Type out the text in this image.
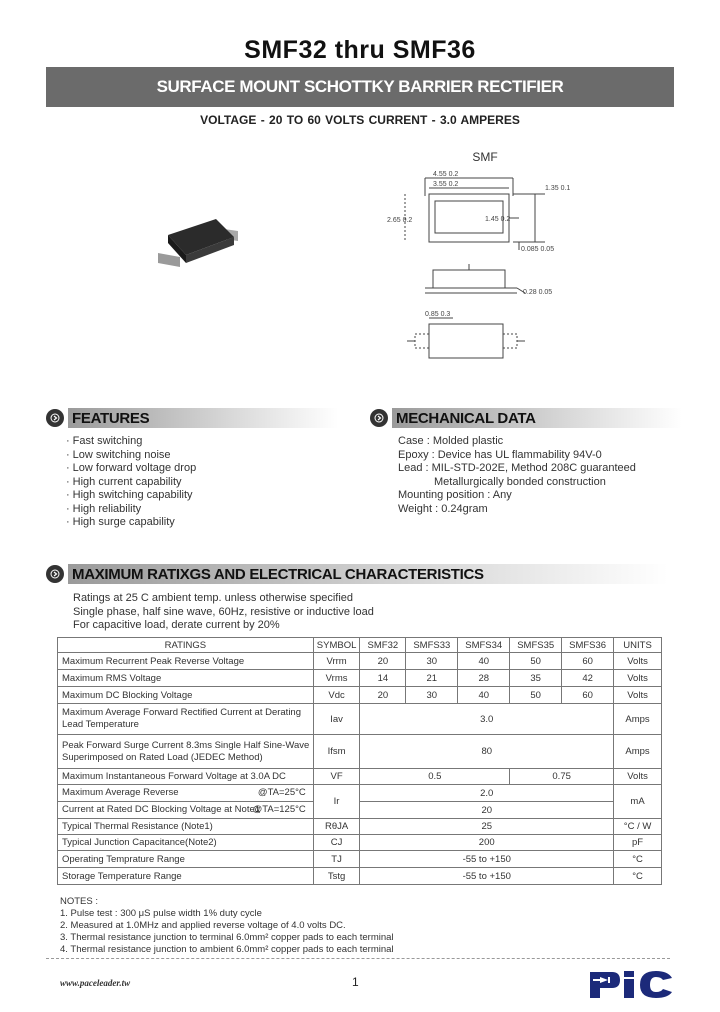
SMF32 thru SMF36
SURFACE MOUNT SCHOTTKY BARRIER RECTIFIER
VOLTAGE - 20 TO 60 VOLTS CURRENT - 3.0 AMPERES
SMF
4.55 0.2
3.55 0.2
1.35 0.1
2.65 0.2	1.45 0.2
0.085 0.05
0.28 0.05
0.85 0.3
FEATURES
· Fast switching
· Low switching noise
· Low forward voltage drop
· High current capability
· High switching capability
· High reliability
· High surge capability
MECHANICAL DATA
Case : Molded plastic
Epoxy : Device has UL flammability 94V-0
Lead : MIL-STD-202E, Method 208C guaranteed
Metallurgically bonded construction
Mounting position : Any
Weight : 0.24gram
MAXIMUM RATIXGS AND ELECTRICAL CHARACTERISTICS
Ratings at 25 C ambient temp. unless otherwise specified
Single phase, half sine wave, 60Hz, resistive or inductive load
For capacitive load, derate current by 20%
RATINGS	SYMBOL	SMF32	SMFS33	SMFS34	SMFS35	SMFS36	UNITS
Maximum Recurrent Peak Reverse Voltage	Vrrm	20	30	40	50	60	Volts
Maximum RMS Voltage	Vrms	14	21	28	35	42	Volts
Maximum DC Blocking Voltage	Vdc	20	30	40	50	60	Volts

Maximum Average Forward Rectified Current at Derating
Lead Temperature	Iav	3.0					Amps

Peak Forward Surge Current 8.3ms Single Half Sine-Wave
Superimposed on Rated Load (JEDEC Method)	Ifsm	80					Amps
Maximum Instantaneous Forward Voltage at 3.0A DC	VF	0.5			0.75		Volts

Maximum Average Reverse @TA=25°C	Ir	2.0					mA

Current at Rated DC Blocking Voltage at Note1
@TA=125°C		20					
Typical Thermal Resistance (Note1)	RθJA	25					°C / W
Typical Junction Capacitance(Note2)	CJ	200					pF
Operating Temprature Range	TJ	-55 to +150					°C
Storage Temperature Range	Tstg	-55 to +150					°C
NOTES :
1. Pulse test : 300 μS pulse width 1% duty cycle
2. Measured at 1.0MHz and applied reverse voltage of 4.0 volts DC.
3. Thermal resistance junction to terminal 6.0mm² copper pads to each terminal
4. Thermal resistance junction to ambient 6.0mm² copper pads to each terminal
www.paceleader.tw	1
